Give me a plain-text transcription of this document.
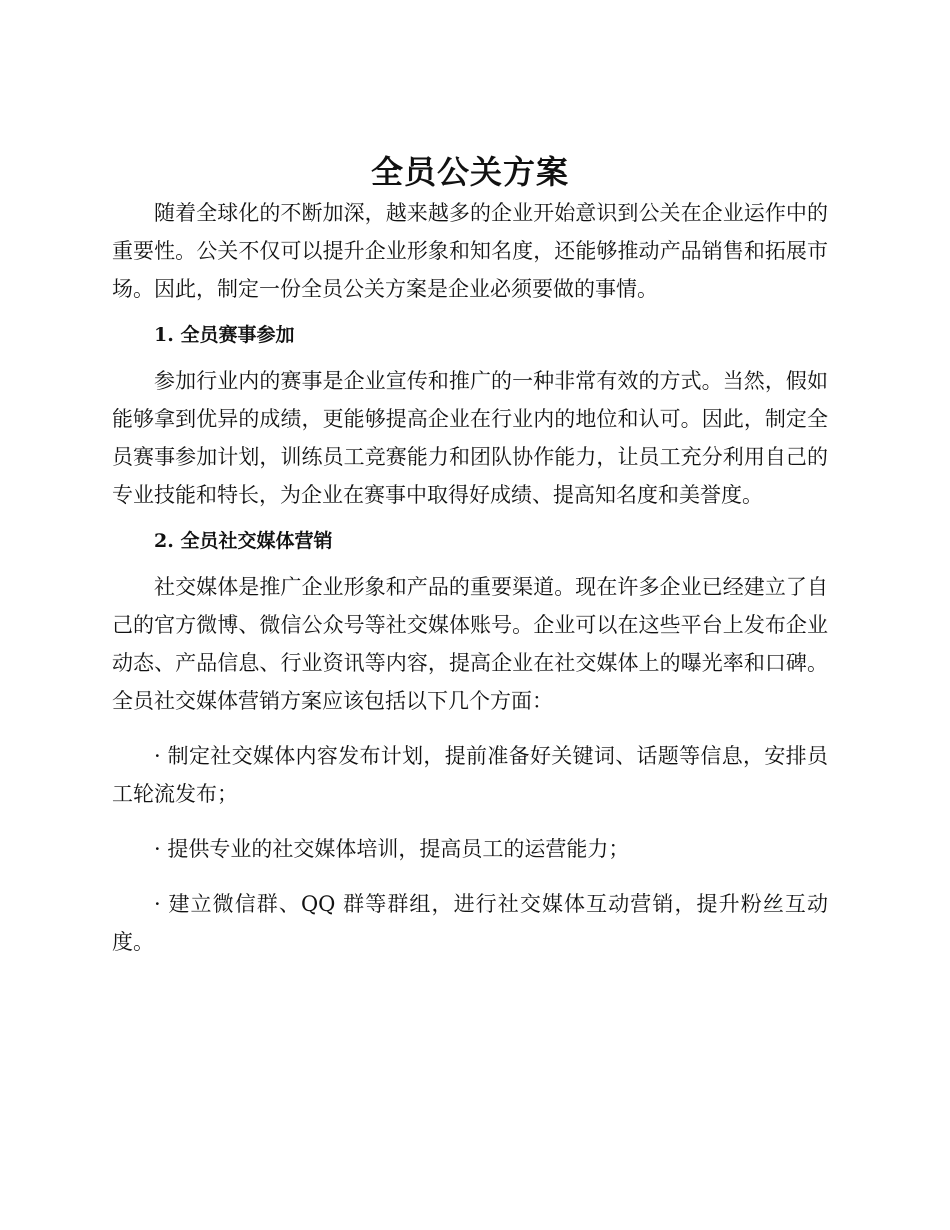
全员公关方案

随着全球化的不断加深，越来越多的企业开始意识到公关在企业运作中的重要性。公关不仅可以提升企业形象和知名度，还能够推动产品销售和拓展市场。因此，制定一份全员公关方案是企业必须要做的事情。

1. 全员赛事参加

参加行业内的赛事是企业宣传和推广的一种非常有效的方式。当然，假如能够拿到优异的成绩，更能够提高企业在行业内的地位和认可。因此，制定全员赛事参加计划，训练员工竞赛能力和团队协作能力，让员工充分利用自己的专业技能和特长，为企业在赛事中取得好成绩、提高知名度和美誉度。

2. 全员社交媒体营销

社交媒体是推广企业形象和产品的重要渠道。现在许多企业已经建立了自己的官方微博、微信公众号等社交媒体账号。企业可以在这些平台上发布企业动态、产品信息、行业资讯等内容，提高企业在社交媒体上的曝光率和口碑。全员社交媒体营销方案应该包括以下几个方面：

· 制定社交媒体内容发布计划，提前准备好关键词、话题等信息，安排员工轮流发布；

· 提供专业的社交媒体培训，提高员工的运营能力；

· 建立微信群、QQ 群等群组，进行社交媒体互动营销，提升粉丝互动度。
